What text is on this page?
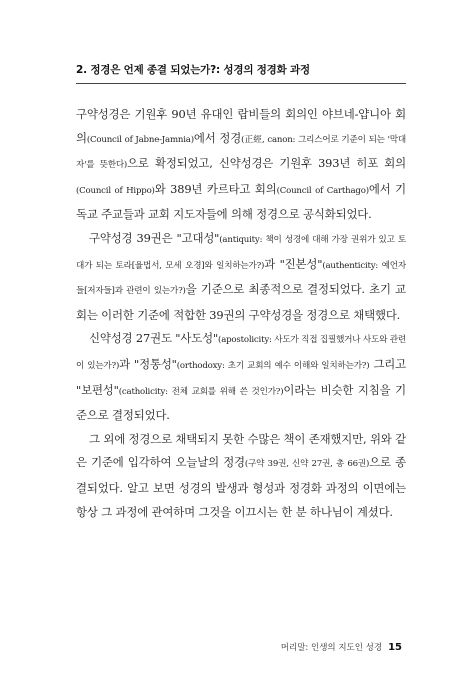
2. 정경은 언제 종결 되었는가?: 성경의 정경화 과정

구약성경은 기원후 90년 유대인 랍비들의 회의인 야브네-얍니아 회의(Council of Jabne-Jamnia)에서 정경(正經, canon: 그리스어로 기준이 되는 '막대 자'를 뜻한다)으로 확정되었고, 신약성경은 기원후 393년 히포 회의(Council of Hippo)와 389년 카르타고 회의(Council of Carthago)에서 기독교 주교들과 교회 지도자들에 의해 정경으로 공식화되었다.

구약성경 39권은 "고대성"(antiquity: 책이 성경에 대해 가장 권위가 있고 토대가 되는 토라[율법서, 모세 오경]와 일치하는가?)과 "진본성"(authenticity: 예언자들[저자들]과 관련이 있는가?)을 기준으로 최종적으로 결정되었다. 초기 교회는 이러한 기준에 적합한 39권의 구약성경을 정경으로 채택했다.

신약성경 27권도 "사도성"(apostolicity: 사도가 직접 집필했거나 사도와 관련이 있는가?)과 "정통성"(orthodoxy: 초기 교회의 예수 이해와 일치하는가?) 그리고 "보편성"(catholicity: 전체 교회를 위해 쓴 것인가?)이라는 비슷한 지침을 기준으로 결정되었다.

그 외에 정경으로 채택되지 못한 수많은 책이 존재했지만, 위와 같은 기준에 입각하여 오늘날의 정경(구약 39권, 신약 27권, 총 66권)으로 종결되었다. 알고 보면 성경의 발생과 형성과 정경화 과정의 이면에는 항상 그 과정에 관여하며 그것을 이끄시는 한 분 하나님이 계셨다.

머리말: 인생의 지도인 성경 15
